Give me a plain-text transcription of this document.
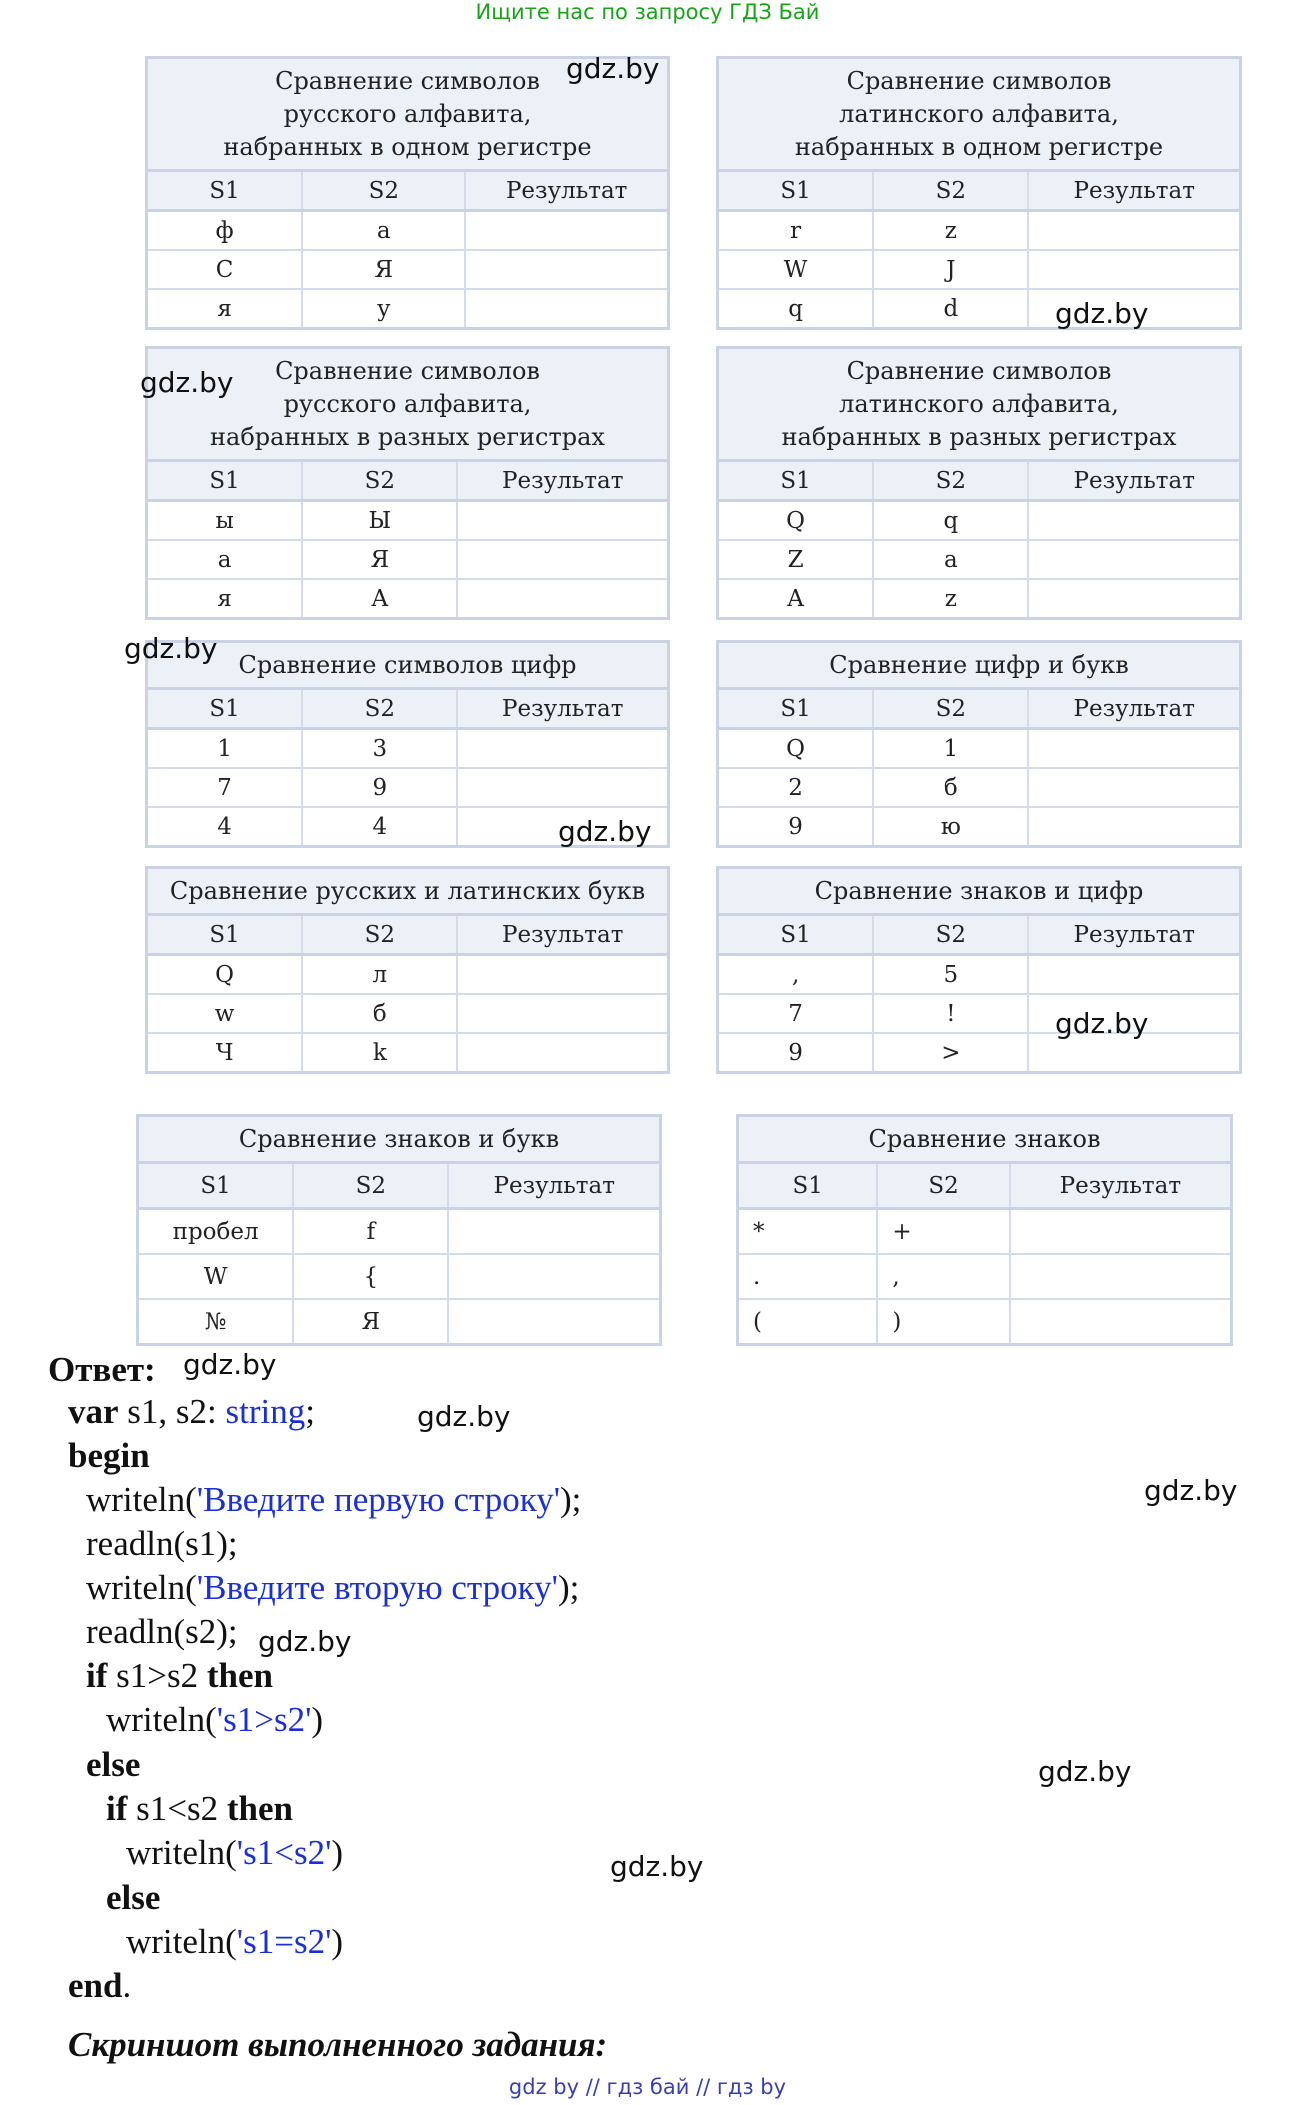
Ищите нас по запросу ГДЗ Бай
Сравнение символов
русского алфавита,
набранных в одном регистре
S1	S2	Результат
ф	а
С	Я
я	у
Сравнение символов
латинского алфавита,
набранных в одном регистре
S1	S2	Результат
r	z
W	J
q	d
Сравнение символов
русского алфавита,
набранных в разных регистрах
S1	S2	Результат
ы	Ы
а	Я
я	А
Сравнение символов
латинского алфавита,
набранных в разных регистрах
S1	S2	Результат
Q	q
Z	a
A	z
Сравнение символов цифр
S1	S2	Результат
1	3
7	9
4	4
Сравнение цифр и букв
S1	S2	Результат
Q	1
2	б
9	ю
Сравнение русских и латинских букв
S1	S2	Результат
Q	л
w	б
Ч	k
Сравнение знаков и цифр
S1	S2	Результат
,	5
7	!
9	>
Сравнение знаков и букв
S1	S2	Результат
пробел	f
W	{
№	Я
Сравнение знаков
S1	S2	Результат
*	+
.	,
(	)
gdz.by
gdz.by
gdz.by
gdz.by
gdz.by
gdz.by
gdz.by
gdz.by
gdz.by
gdz.by
gdz.by
gdz.by
Ответ:
var s1, s2: string;
begin
writeln('Введите первую строку');
readln(s1);
writeln('Введите вторую строку');
readln(s2);
if s1>s2 then
writeln('s1>s2')
else
if s1<s2 then
writeln('s1<s2')
else
writeln('s1=s2')
end.
Скриншот выполненного задания:
gdz by // гдз бай // гдз by
